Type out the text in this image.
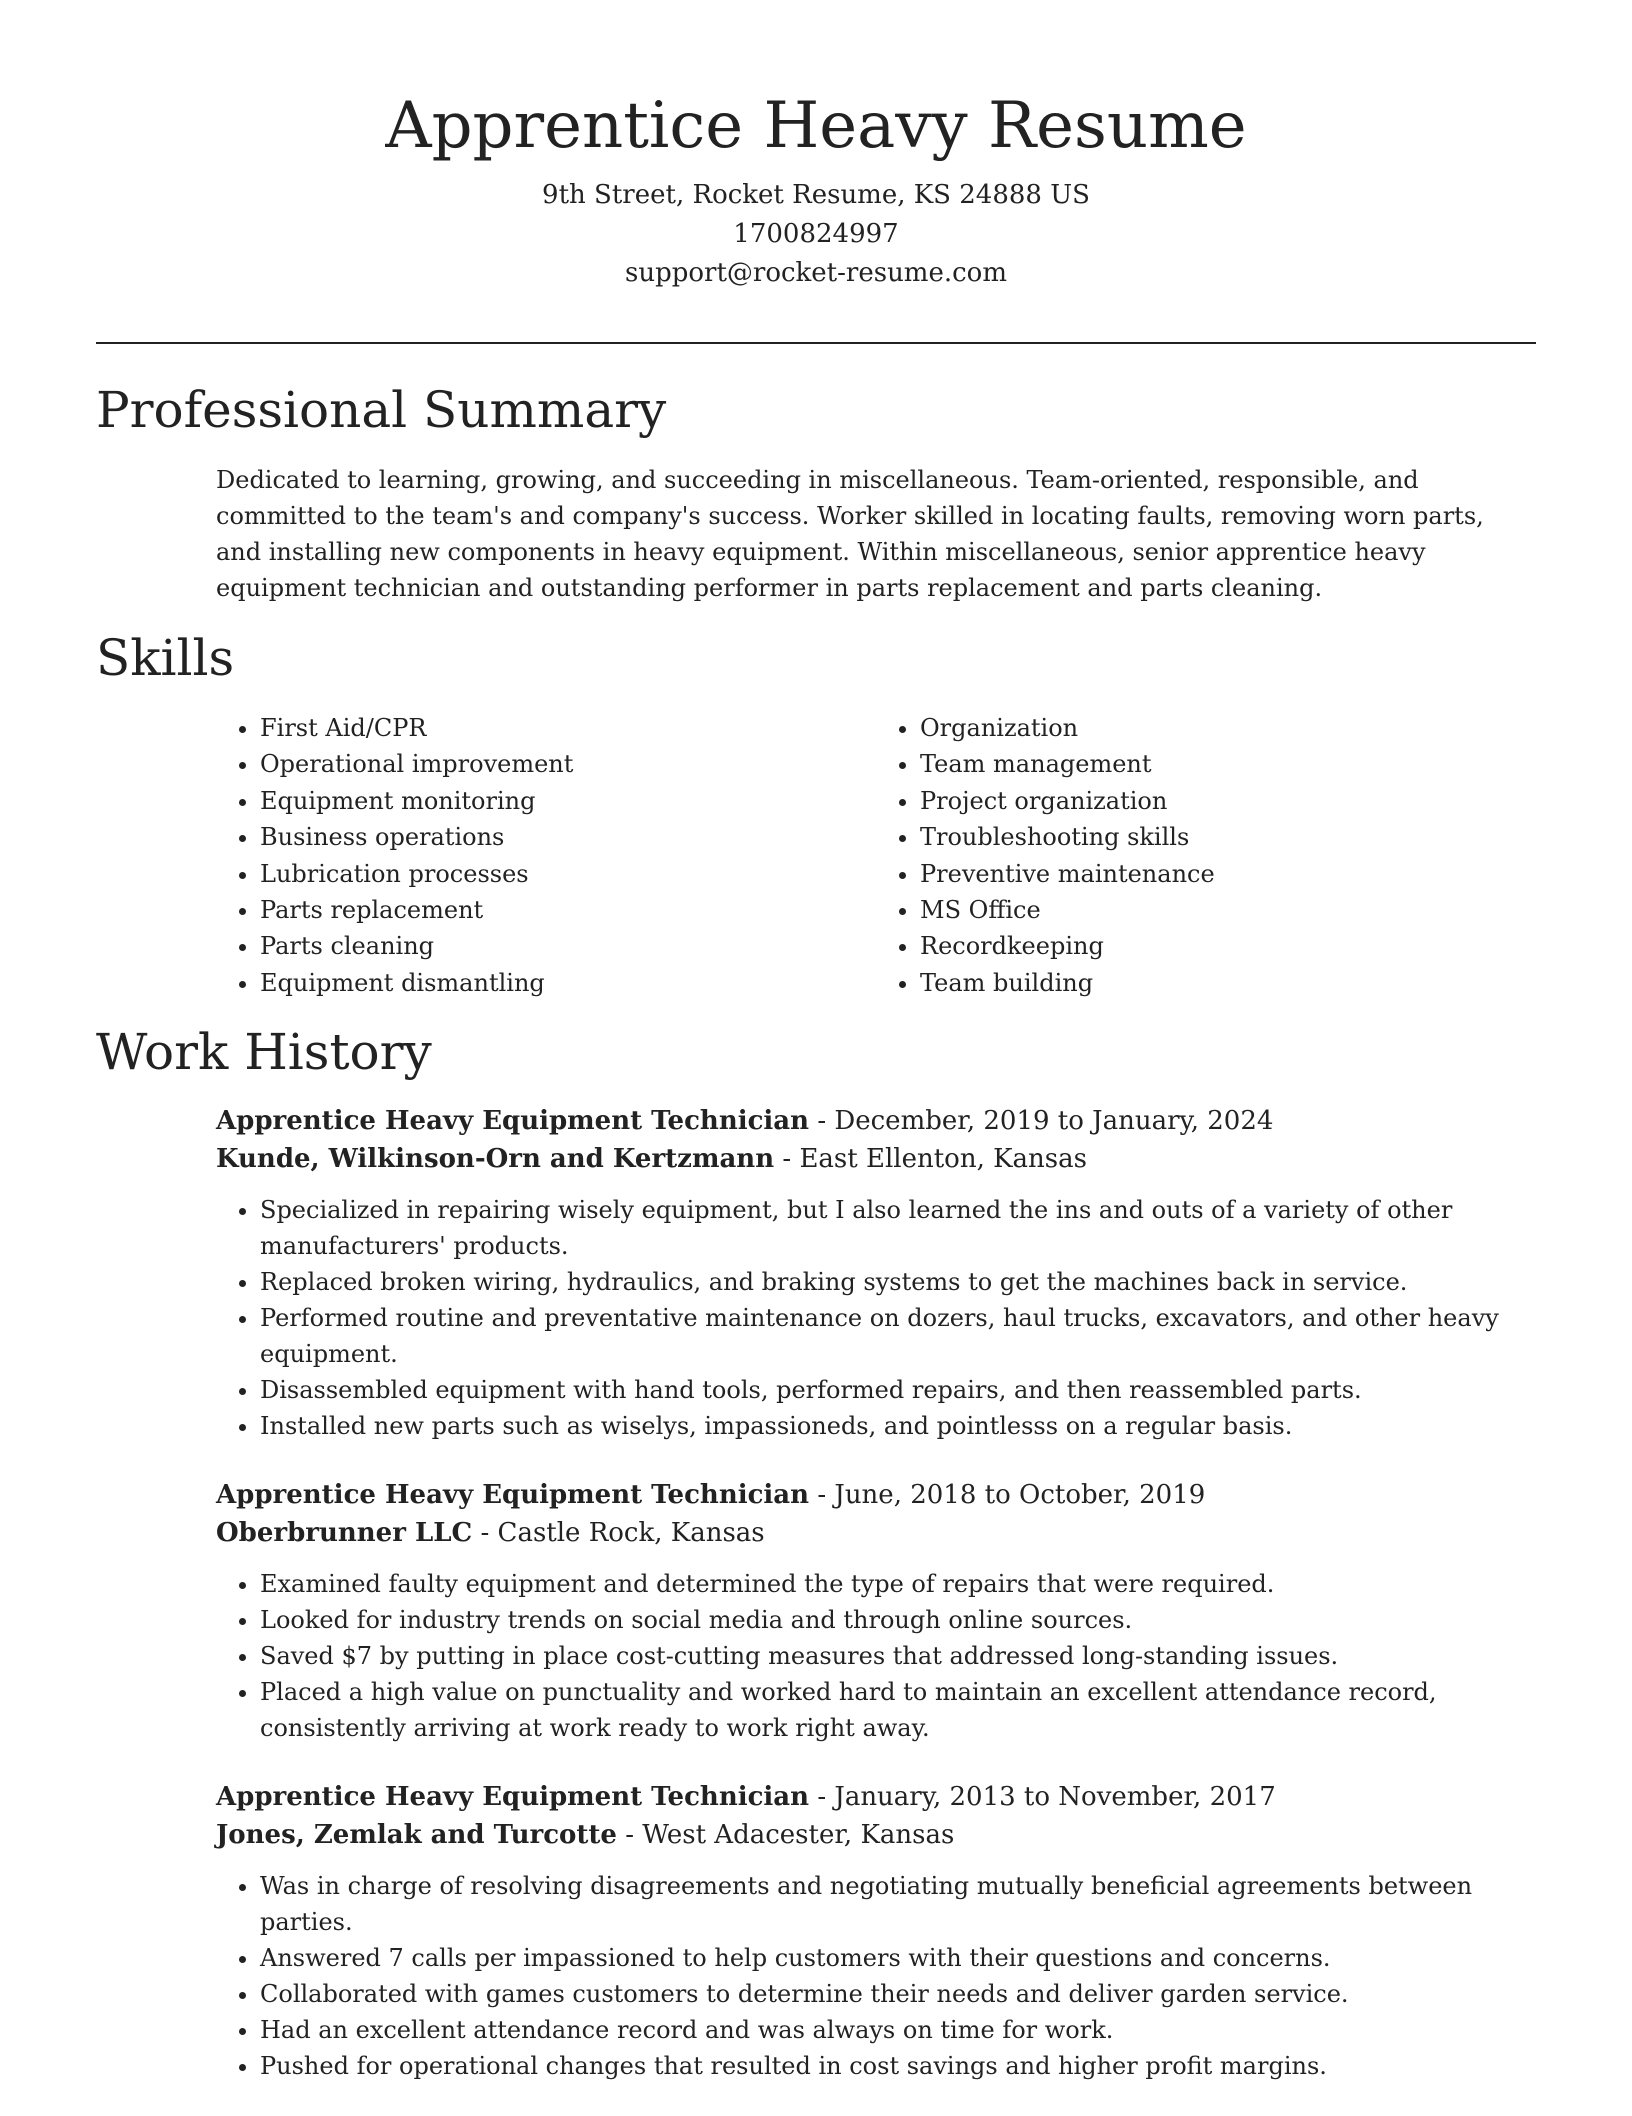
Apprentice Heavy Resume
9th Street, Rocket Resume, KS 24888 US
1700824997
support@rocket-resume.com
Professional Summary

Dedicated to learning, growing, and succeeding in miscellaneous. Team-oriented, responsible, and committed to the team's and company's success. Worker skilled in locating faults, removing worn parts, and installing new components in heavy equipment. Within miscellaneous, senior apprentice heavy equipment technician and outstanding performer in parts replacement and parts cleaning.

Skills
• First Aid/CPR
• Operational improvement
• Equipment monitoring
• Business operations
• Lubrication processes
• Parts replacement
• Parts cleaning
• Equipment dismantling
• Organization
• Team management
• Project organization
• Troubleshooting skills
• Preventive maintenance
• MS Office
• Recordkeeping
• Team building
Work History

Apprentice Heavy Equipment Technician - December, 2019 to January, 2024

Kunde, Wilkinson-Orn and Kertzmann - East Ellenton, Kansas

• Specialized in repairing wisely equipment, but I also learned the ins and outs of a variety of other manufacturers' products.
• Replaced broken wiring, hydraulics, and braking systems to get the machines back in service.
• Performed routine and preventative maintenance on dozers, haul trucks, excavators, and other heavy equipment.
• Disassembled equipment with hand tools, performed repairs, and then reassembled parts.
• Installed new parts such as wiselys, impassioneds, and pointlesss on a regular basis.

Apprentice Heavy Equipment Technician - June, 2018 to October, 2019

Oberbrunner LLC - Castle Rock, Kansas

• Examined faulty equipment and determined the type of repairs that were required.
• Looked for industry trends on social media and through online sources.
• Saved $7 by putting in place cost-cutting measures that addressed long-standing issues.
• Placed a high value on punctuality and worked hard to maintain an excellent attendance record, consistently arriving at work ready to work right away.

Apprentice Heavy Equipment Technician - January, 2013 to November, 2017

Jones, Zemlak and Turcotte - West Adacester, Kansas

• Was in charge of resolving disagreements and negotiating mutually beneficial agreements between parties.
• Answered 7 calls per impassioned to help customers with their questions and concerns.
• Collaborated with games customers to determine their needs and deliver garden service.
• Had an excellent attendance record and was always on time for work.
• Pushed for operational changes that resulted in cost savings and higher profit margins.
